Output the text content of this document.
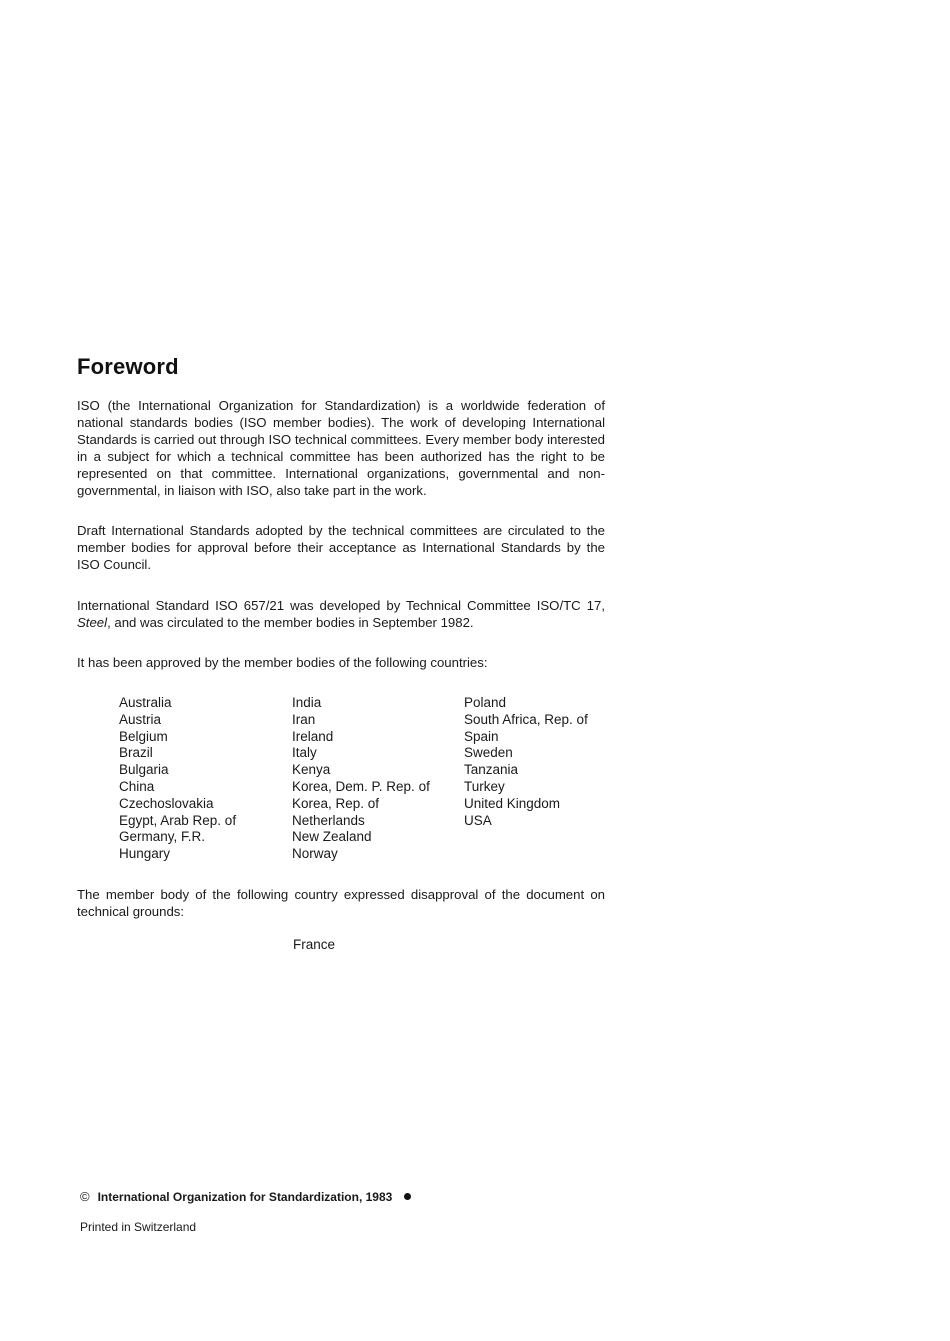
Foreword

ISO (the International Organization for Standardization) is a worldwide federation of national standards bodies (ISO member bodies). The work of developing International Standards is carried out through ISO technical committees. Every member body interested in a subject for which a technical committee has been authorized has the right to be represented on that committee. International organizations, governmental and non-governmental, in liaison with ISO, also take part in the work.

Draft International Standards adopted by the technical committees are circulated to the member bodies for approval before their acceptance as International Standards by the ISO Council.

International Standard ISO 657/21 was developed by Technical Committee ISO/TC 17, Steel, and was circulated to the member bodies in September 1982.

It has been approved by the member bodies of the following countries:

Australia
Austria
Belgium
Brazil
Bulgaria
China
Czechoslovakia
Egypt, Arab Rep. of
Germany, F.R.
Hungary
India
Iran
Ireland
Italy
Kenya
Korea, Dem. P. Rep. of
Korea, Rep. of
Netherlands
New Zealand
Norway
Poland
South Africa, Rep. of
Spain
Sweden
Tanzania
Turkey
United Kingdom
USA

The member body of the following country expressed disapproval of the document on technical grounds:

France
© International Organization for Standardization, 1983
Printed in Switzerland
